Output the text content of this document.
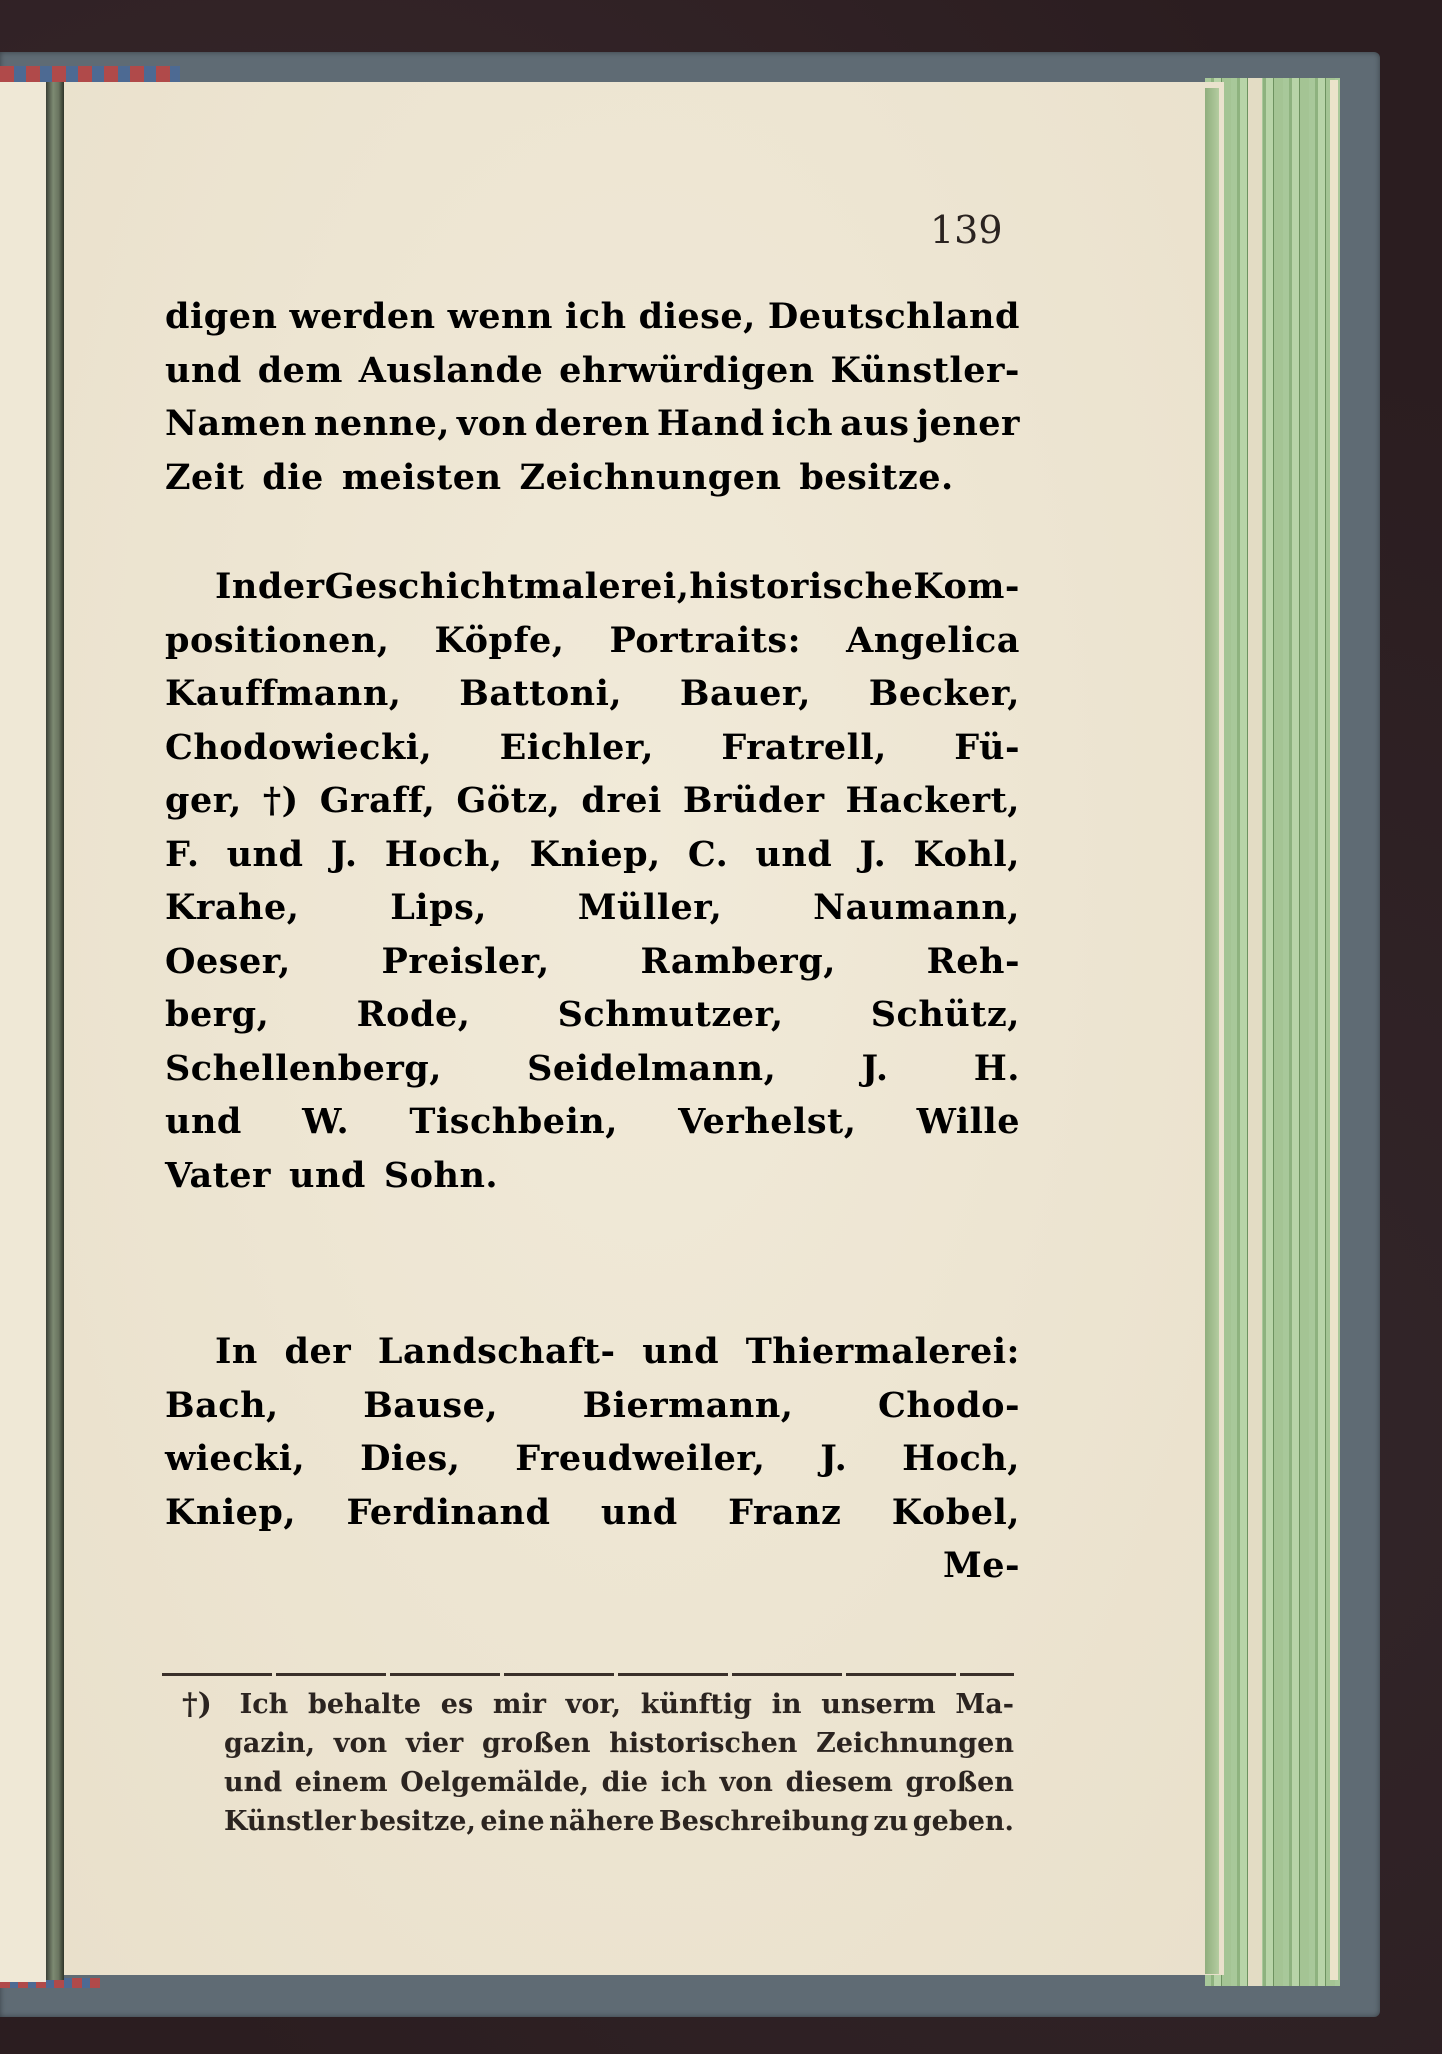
139
digen werden wenn ich diese, Deutschland
und dem Auslande ehrwürdigen Künstler-
Namen nenne, von deren Hand ich aus jener
Zeit die meisten Zeichnungen besitze.
In der Geschichtmalerei, historische Kom-
positionen, Köpfe, Portraits: Angelica
Kauffmann, Battoni, Bauer, Becker,
Chodowiecki, Eichler, Fratrell, Fü-
ger, †) Graff, Götz, drei Brüder Hackert,
F. und J. Hoch, Kniep, C. und J. Kohl,
Krahe,	Lips,	Müller,	Naumann,
Oeser,	Preisler,	Ramberg,	Reh-
berg, Rode, Schmutzer, Schütz,
Schellenberg, Seidelmann, J. H.
und W. Tischbein, Verhelst, Wille
Vater und Sohn.
In der Landschaft- und Thiermalerei:
Bach, Bause, Biermann, Chodo-
wiecki, Dies, Freudweiler, J. Hoch,
Kniep, Ferdinand und Franz Kobel,
Me-
†) Ich behalte es mir vor, künftig in unserm Ma-
gazin, von vier großen historischen Zeichnungen
und einem Oelgemälde, die ich von diesem großen
Künstler besitze, eine nähere Beschreibung zu geben.
